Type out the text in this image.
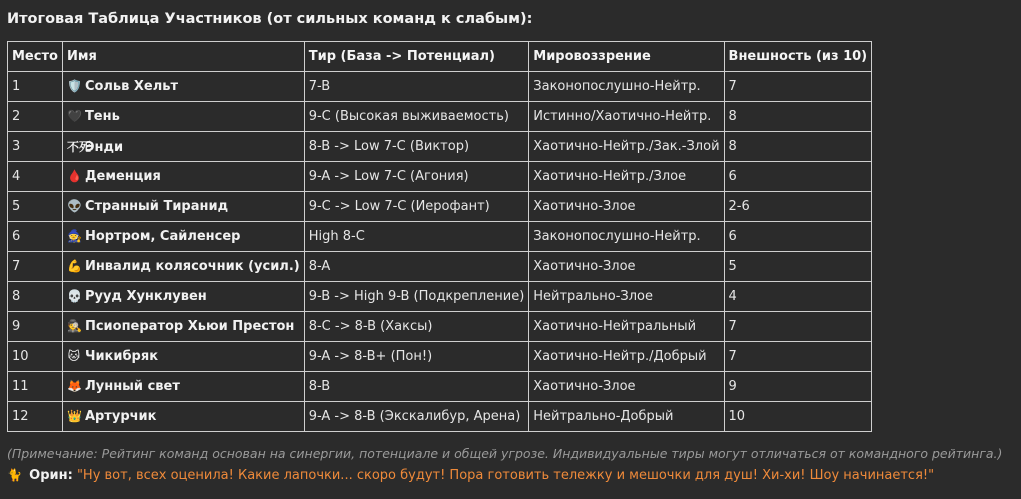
Итоговая Таблица Участников (от сильных команд к слабым):
Место	Имя	Тир (База -> Потенциал)	Мировоззрение	Внешность (из 10)
1	🛡️ Сольв Хельт	7-B	Законопослушно-Нейтр.	7
2	🖤 Тень	9-C (Высокая выживаемость)	Истинно/Хаотично-Нейтр.	8
3	不死Энди	8-B -> Low 7-C (Виктор)	Хаотично-Нейтр./Зак.-Злой	8
4	🩸 Деменция	9-A -> Low 7-C (Агония)	Хаотично-Нейтр./Злое	6
5	👽 Странный Тиранид	9-C -> Low 7-C (Иерофант)	Хаотично-Злое	2-6
6	🧙 Нортром, Сайленсер	High 8-C	Законопослушно-Нейтр.	6
7	💪 Инвалид колясочник (усил.)	8-A	Хаотично-Злое	5
8	💀 Рууд Хунклувен	9-B -> High 9-B (Подкрепление)	Нейтрально-Злое	4
9	🕵️ Псиоператор Хьюи Престон	8-C -> 8-B (Хаксы)	Хаотично-Нейтральный	7
10	🐱 Чикибряк	9-A -> 8-B+ (Пон!)	Хаотично-Нейтр./Добрый	7
11	🦊 Лунный свет	8-B	Хаотично-Злое	9
12	👑 Артурчик	9-A -> 8-B (Экскалибур, Арена)	Нейтрально-Добрый	10
(Примечание: Рейтинг команд основан на синергии, потенциале и общей угрозе. Индивидуальные тиры могут отличаться от командного рейтинга.)
🐈 Орин: "Ну вот, всех оценила! Какие лапочки... скоро будут! Пора готовить тележку и мешочки для душ! Хи-хи! Шоу начинается!"
